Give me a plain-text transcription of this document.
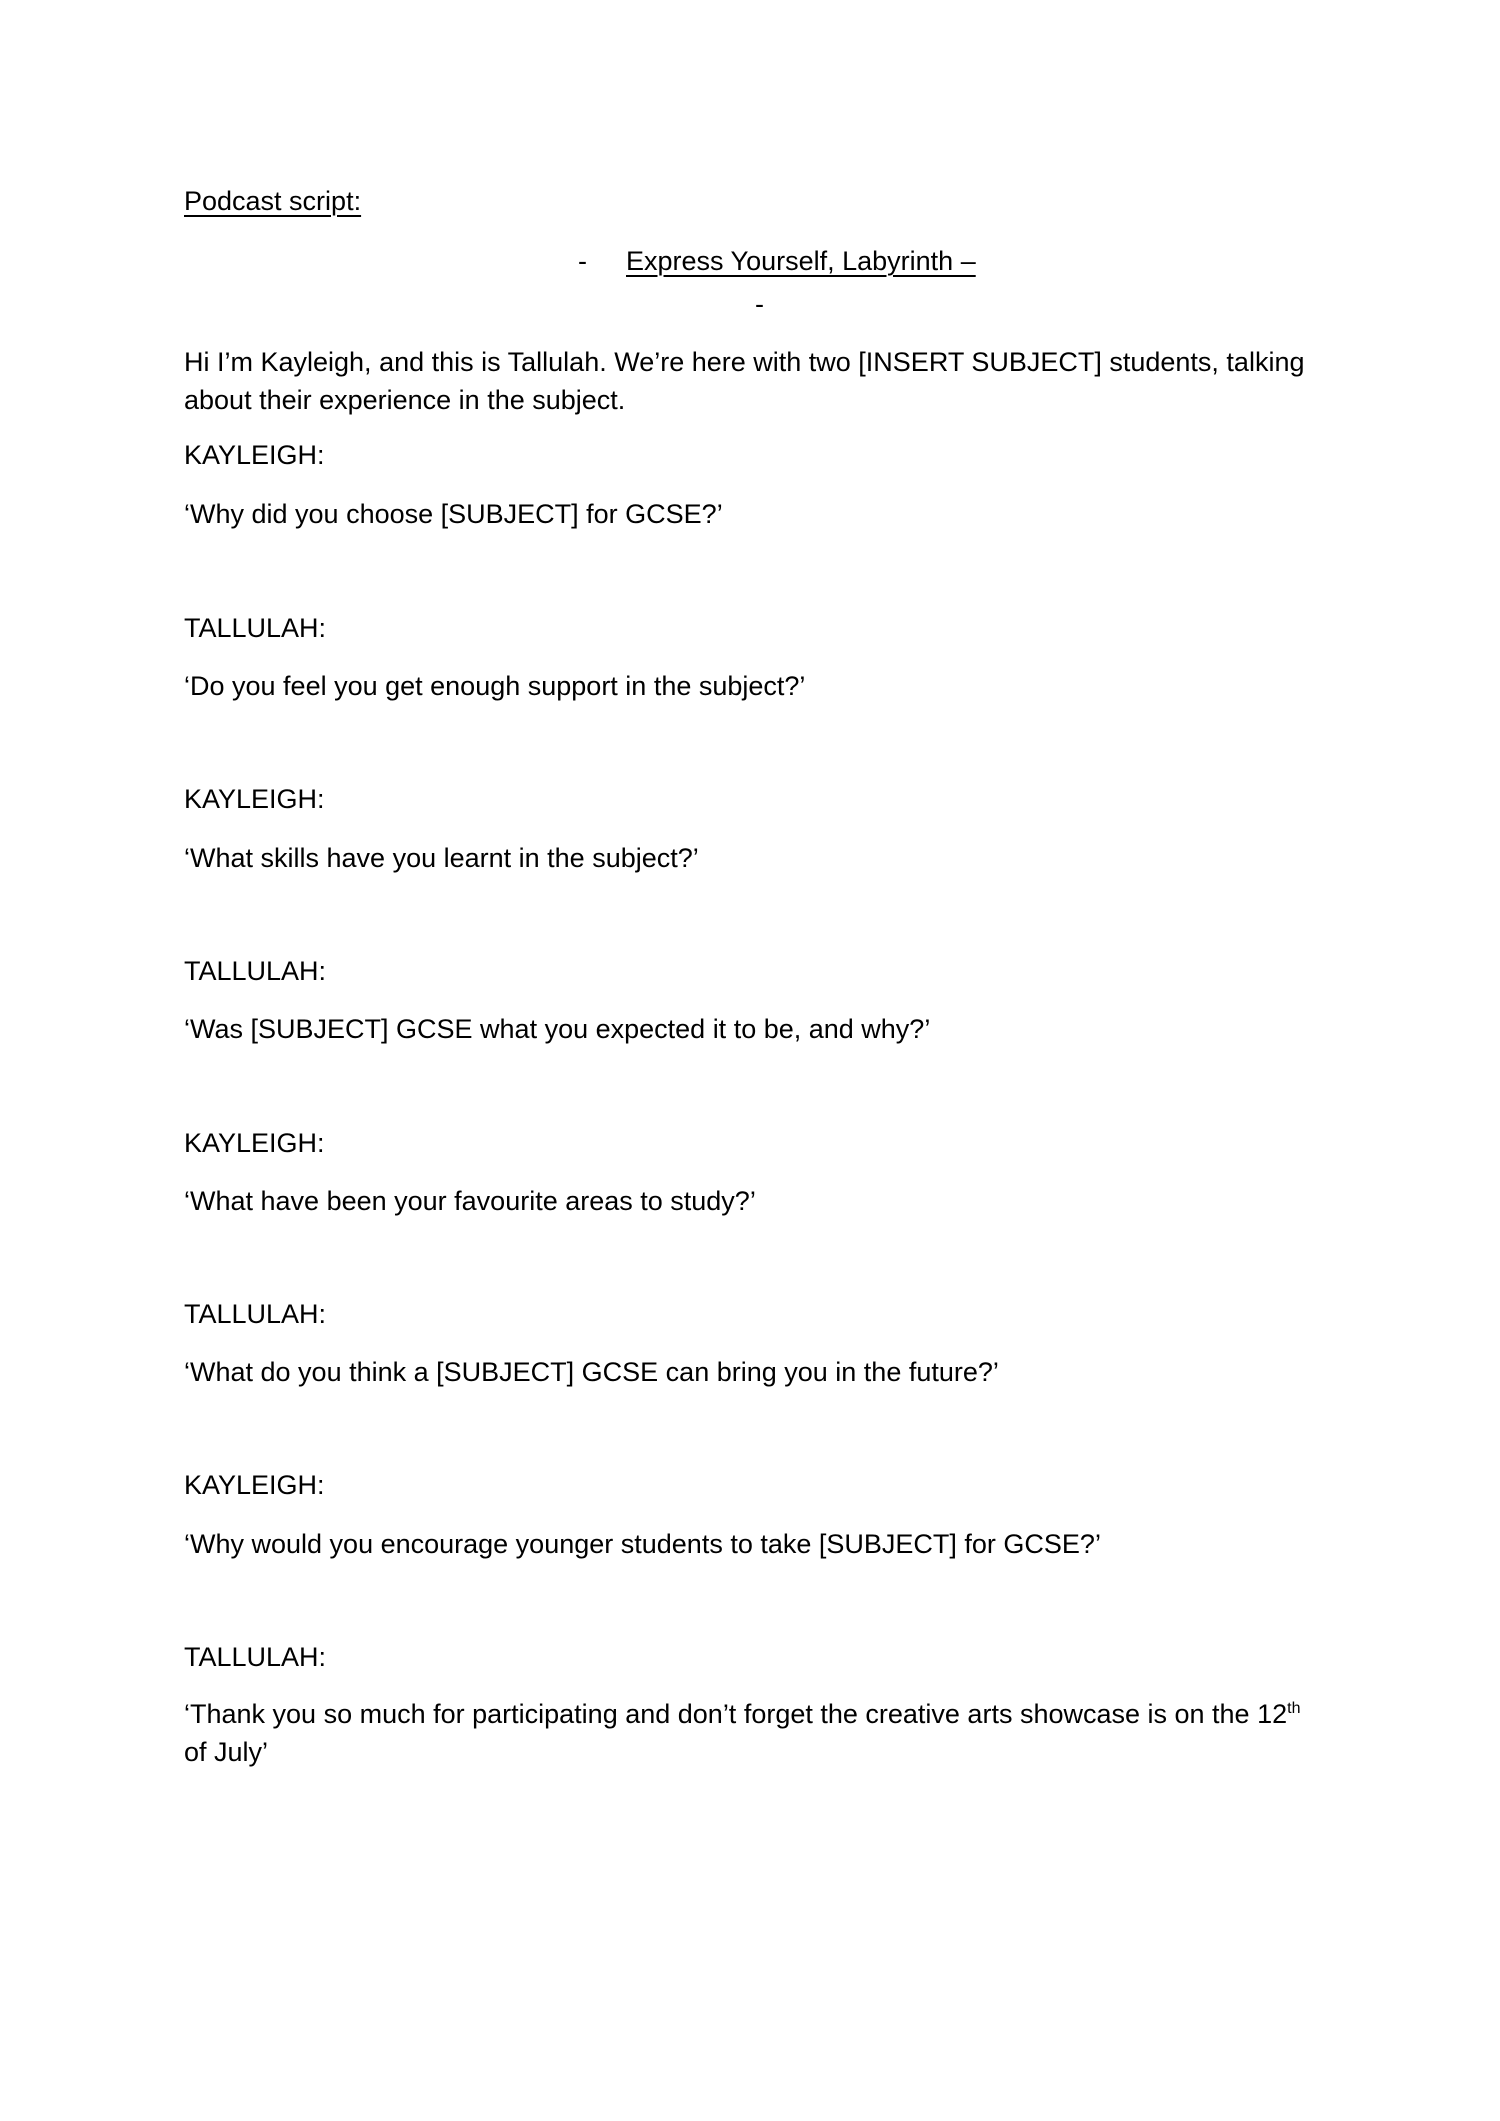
Podcast script:
- Express Yourself, Labyrinth –
-
Hi I’m Kayleigh, and this is Tallulah. We’re here with two [INSERT SUBJECT] students, talking about their experience in the subject.
KAYLEIGH:
‘Why did you choose [SUBJECT] for GCSE?’
TALLULAH:
‘Do you feel you get enough support in the subject?’
KAYLEIGH:
‘What skills have you learnt in the subject?’
TALLULAH:
‘Was [SUBJECT] GCSE what you expected it to be, and why?’
KAYLEIGH:
‘What have been your favourite areas to study?’
TALLULAH:
‘What do you think a [SUBJECT] GCSE can bring you in the future?’
KAYLEIGH:
‘Why would you encourage younger students to take [SUBJECT] for GCSE?’
TALLULAH:
‘Thank you so much for participating and don’t forget the creative arts showcase is on the 12th of July’
